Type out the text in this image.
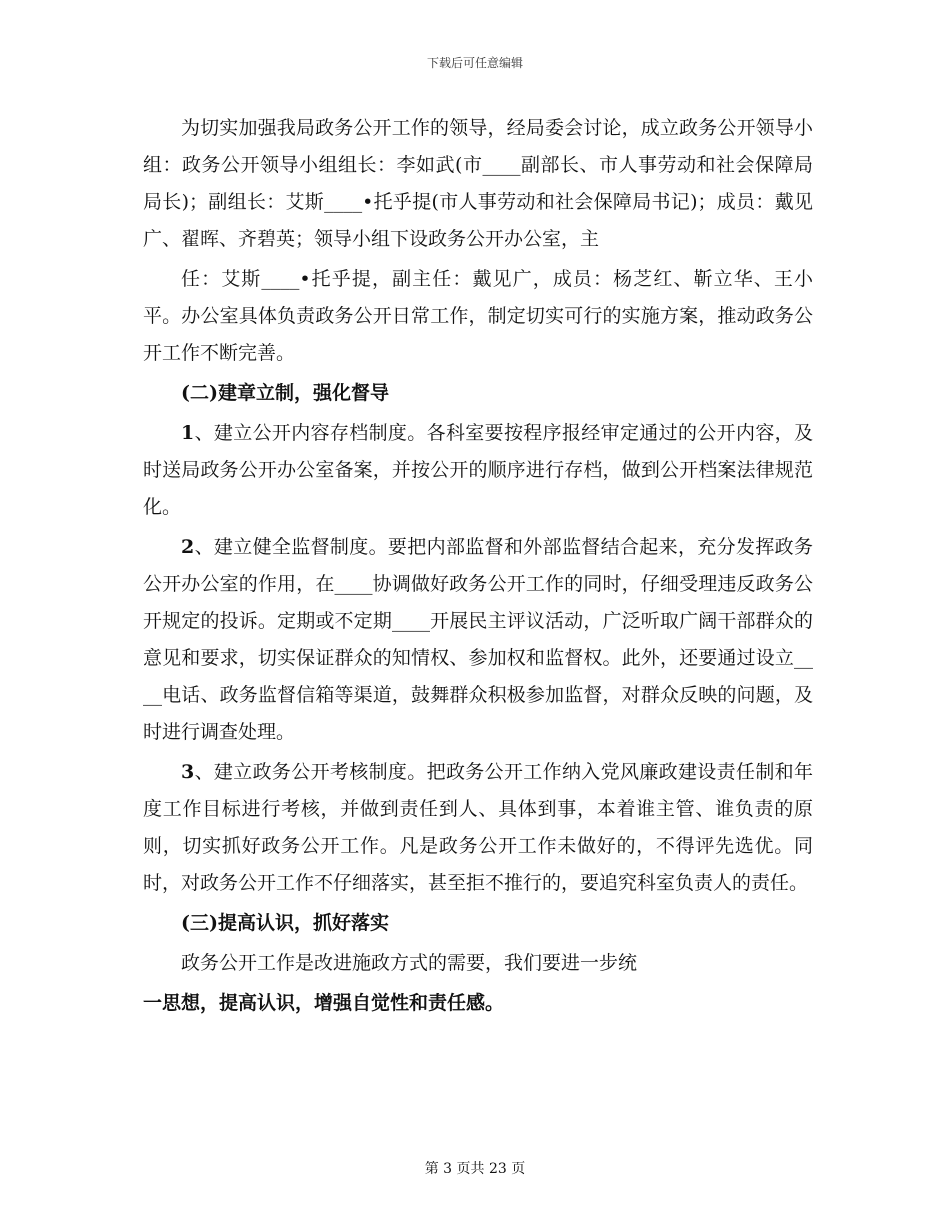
下载后可任意编辑

为切实加强我局政务公开工作的领导，经局委会讨论，成立政务公开领导小组：政务公开领导小组组长：李如武(市____副部长、市人事劳动和社会保障局局长)；副组长：艾斯____•托乎提(市人事劳动和社会保障局书记)；成员：戴见广、翟晖、齐碧英；领导小组下设政务公开办公室，主

任：艾斯____•托乎提，副主任：戴见广，成员：杨芝红、靳立华、王小平。办公室具体负责政务公开日常工作，制定切实可行的实施方案，推动政务公开工作不断完善。

(二)建章立制，强化督导

1、建立公开内容存档制度。各科室要按程序报经审定通过的公开内容，及时送局政务公开办公室备案，并按公开的顺序进行存档，做到公开档案法律规范化。

2、建立健全监督制度。要把内部监督和外部监督结合起来，充分发挥政务公开办公室的作用，在____协调做好政务公开工作的同时，仔细受理违反政务公开规定的投诉。定期或不定期____开展民主评议活动，广泛听取广阔干部群众的意见和要求，切实保证群众的知情权、参加权和监督权。此外，还要通过设立____电话、政务监督信箱等渠道，鼓舞群众积极参加监督，对群众反映的问题，及时进行调查处理。

3、建立政务公开考核制度。把政务公开工作纳入党风廉政建设责任制和年度工作目标进行考核，并做到责任到人、具体到事，本着谁主管、谁负责的原则，切实抓好政务公开工作。凡是政务公开工作未做好的，不得评先选优。同时，对政务公开工作不仔细落实，甚至拒不推行的，要追究科室负责人的责任。

(三)提高认识，抓好落实

政务公开工作是改进施政方式的需要，我们要进一步统

一思想，提高认识，增强自觉性和责任感。

第 3 页共 23 页
